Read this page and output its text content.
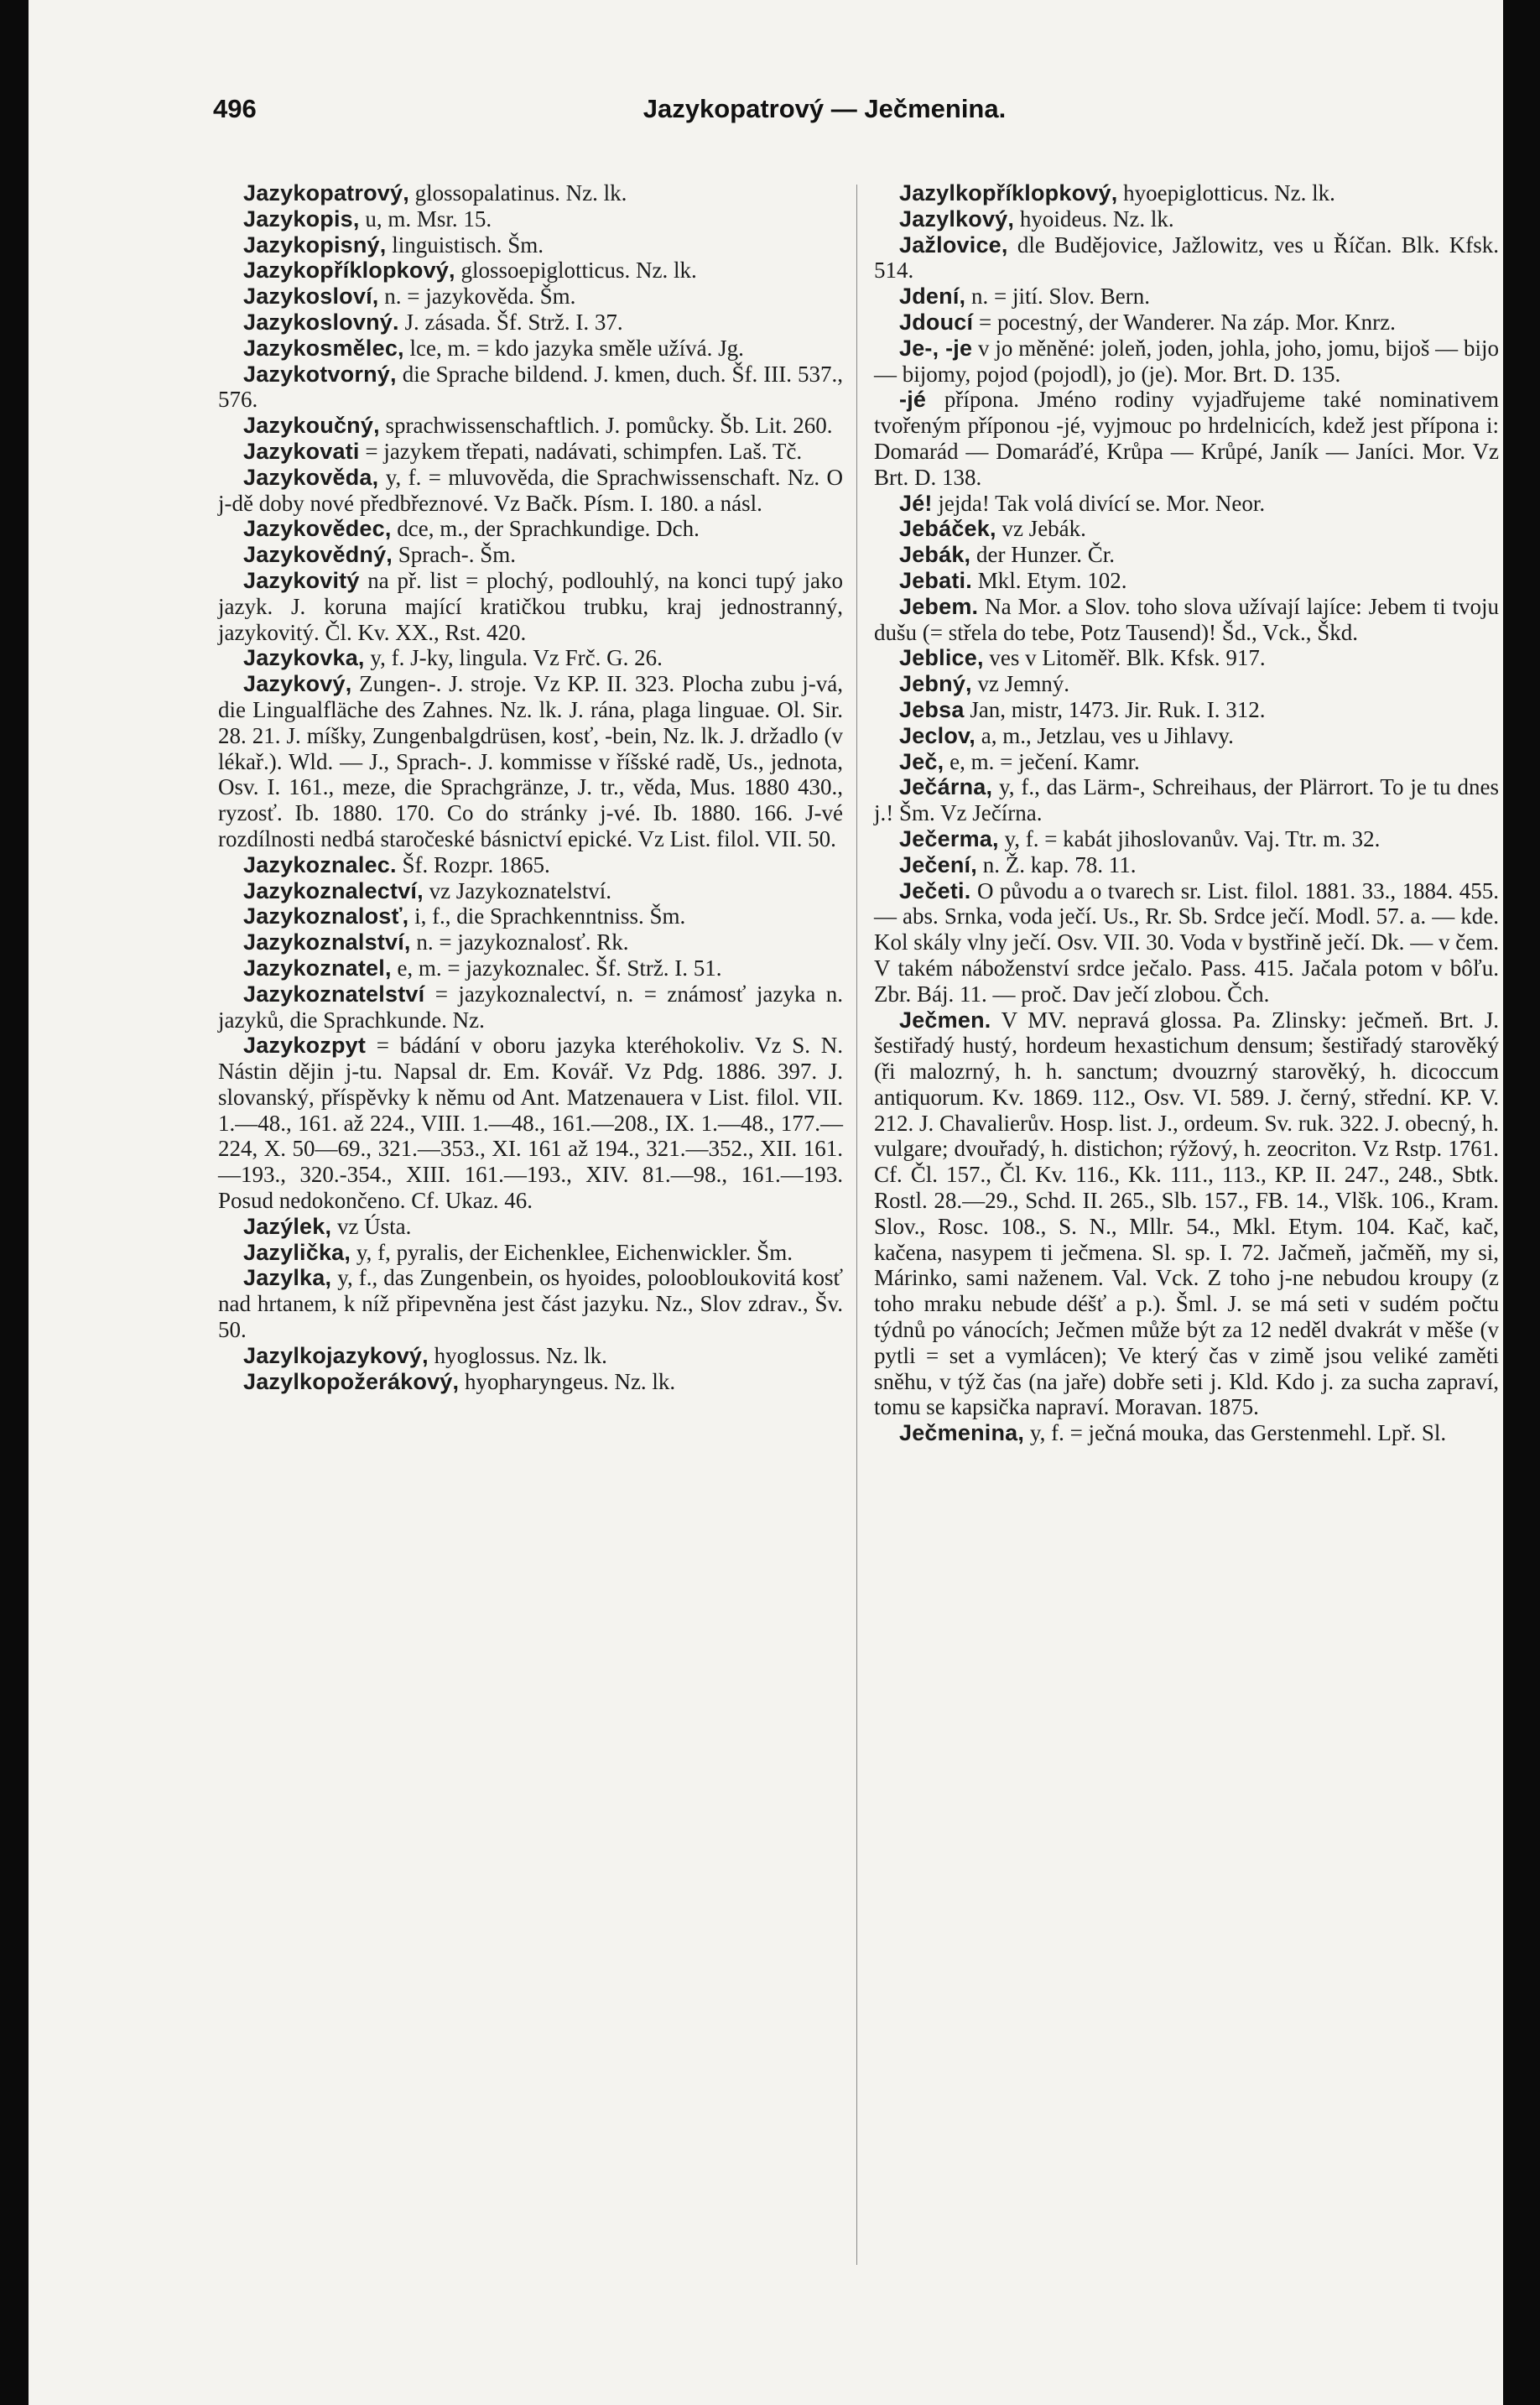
496	Jazykopatrový — Ječmenina.

Jazykopatrový, glossopalatinus. Nz. lk.

Jazykopis, u, m. Msr. 15.

Jazykopisný, linguistisch. Šm.

Jazykopříklopkový, glossoepiglotticus. Nz. lk.

Jazykosloví, n. = jazykověda. Šm.

Jazykoslovný. J. zásada. Šf. Strž. I. 37.

Jazykosmělec, lce, m. = kdo jazyka směle užívá. Jg.

Jazykotvorný, die Sprache bildend. J. kmen, duch. Šf. III. 537., 576.

Jazykoučný, sprachwissenschaftlich. J. pomůcky. Šb. Lit. 260.

Jazykovati = jazykem třepati, nadávati, schimpfen. Laš. Tč.

Jazykověda, y, f. = mluvověda, die Sprachwissenschaft. Nz. O j-dě doby nové předbřeznové. Vz Bačk. Písm. I. 180. a násl.

Jazykovědec, dce, m., der Sprachkundige. Dch.

Jazykovědný, Sprach-. Šm.

Jazykovitý na př. list = plochý, podlouhlý, na konci tupý jako jazyk. J. koruna mající kratičkou trubku, kraj jednostranný, jazykovitý. Čl. Kv. XX., Rst. 420.

Jazykovka, y, f. J-ky, lingula. Vz Frč. G. 26.

Jazykový, Zungen-. J. stroje. Vz KP. II. 323. Plocha zubu j-vá, die Lingualfläche des Zahnes. Nz. lk. J. rána, plaga linguae. Ol. Sir. 28. 21. J. míšky, Zungenbalgdrüsen, kosť, -bein, Nz. lk. J. držadlo (v lékař.). Wld. — J., Sprach-. J. kommisse v říšské radě, Us., jednota, Osv. I. 161., meze, die Sprachgränze, J. tr., věda, Mus. 1880 430., ryzosť. Ib. 1880. 170. Co do stránky j-vé. Ib. 1880. 166. J-vé rozdílnosti nedbá staročeské básnictví epické. Vz List. filol. VII. 50.

Jazykoznalec. Šf. Rozpr. 1865.

Jazykoznalectví, vz Jazykoznatelství.

Jazykoznalosť, i, f., die Sprachkenntniss. Šm.

Jazykoznalství, n. = jazykoznalosť. Rk.

Jazykoznatel, e, m. = jazykoznalec. Šf. Strž. I. 51.

Jazykoznatelství = jazykoznalectví, n. = známosť jazyka n. jazyků, die Sprachkunde. Nz.

Jazykozpyt = bádání v oboru jazyka kteréhokoliv. Vz S. N. Nástin dějin j-tu. Napsal dr. Em. Kovář. Vz Pdg. 1886. 397. J. slovanský, příspěvky k němu od Ant. Matzenauera v List. filol. VII. 1.—48., 161. až 224., VIII. 1.—48., 161.—208., IX. 1.—48., 177.—224, X. 50—69., 321.—353., XI. 161 až 194., 321.—352., XII. 161.—193., 320.-354., XIII. 161.—193., XIV. 81.—98., 161.—193. Posud nedokončeno. Cf. Ukaz. 46.

Jazýlek, vz Ústa.

Jazylička, y, f, pyralis, der Eichenklee, Eichenwickler. Šm.

Jazylka, y, f., das Zungenbein, os hyoides, poloobloukovitá kosť nad hrtanem, k níž připevněna jest část jazyku. Nz., Slov zdrav., Šv. 50.

Jazylkojazykový, hyoglossus. Nz. lk.

Jazylkopožerákový, hyopharyngeus. Nz. lk.

Jazylkopříklopkový, hyoepiglotticus. Nz. lk.

Jazylkový, hyoideus. Nz. lk.

Jažlovice, dle Budějovice, Jažlowitz, ves u Říčan. Blk. Kfsk. 514.

Jdení, n. = jití. Slov. Bern.

Jdoucí = pocestný, der Wanderer. Na záp. Mor. Knrz.

Je-, -je v jo měněné: joleň, joden, johla, joho, jomu, bijoš — bijo — bijomy, pojod (pojodl), jo (je). Mor. Brt. D. 135.

-jé přípona. Jméno rodiny vyjadřujeme také nominativem tvořeným příponou -jé, vyjmouc po hrdelnicích, kdež jest přípona i: Domarád — Domaráďé, Krůpa — Krůpé, Janík — Janíci. Mor. Vz Brt. D. 138.

Jé! jejda! Tak volá divící se. Mor. Neor.

Jebáček, vz Jebák.

Jebák, der Hunzer. Čr.

Jebati. Mkl. Etym. 102.

Jebem. Na Mor. a Slov. toho slova užívají lajíce: Jebem ti tvoju dušu (= střela do tebe, Potz Tausend)! Šd., Vck., Škd.

Jeblice, ves v Litoměř. Blk. Kfsk. 917.

Jebný, vz Jemný.

Jebsa Jan, mistr, 1473. Jir. Ruk. I. 312.

Jeclov, a, m., Jetzlau, ves u Jihlavy.

Ječ, e, m. = ječení. Kamr.

Ječárna, y, f., das Lärm-, Schreihaus, der Plärrort. To je tu dnes j.! Šm. Vz Ječírna.

Ječerma, y, f. = kabát jihoslovanův. Vaj. Ttr. m. 32.

Ječení, n. Ž. kap. 78. 11.

Ječeti. O původu a o tvarech sr. List. filol. 1881. 33., 1884. 455. — abs. Srnka, voda ječí. Us., Rr. Sb. Srdce ječí. Modl. 57. a. — kde. Kol skály vlny ječí. Osv. VII. 30. Voda v bystřině ječí. Dk. — v čem. V takém náboženství srdce ječalo. Pass. 415. Jačala potom v bôľu. Zbr. Báj. 11. — proč. Dav ječí zlobou. Čch.

Ječmen. V MV. nepravá glossa. Pa. Zlinsky: ječmeň. Brt. J. šestiřadý hustý, hordeum hexastichum densum; šestiřadý starověký (ři malozrný, h. h. sanctum; dvouzrný starověký, h. dicoccum antiquorum. Kv. 1869. 112., Osv. VI. 589. J. černý, střední. KP. V. 212. J. Chavalierův. Hosp. list. J., ordeum. Sv. ruk. 322. J. obecný, h. vulgare; dvouřadý, h. distichon; rýžový, h. zeocriton. Vz Rstp. 1761. Cf. Čl. 157., Čl. Kv. 116., Kk. 111., 113., KP. II. 247., 248., Sbtk. Rostl. 28.—29., Schd. II. 265., Slb. 157., FB. 14., Vlšk. 106., Kram. Slov., Rosc. 108., S. N., Mllr. 54., Mkl. Etym. 104. Kač, kač, kačena, nasypem ti ječmena. Sl. sp. I. 72. Jačmeň, jačměň, my si, Márinko, sami naženem. Val. Vck. Z toho j-ne nebudou kroupy (z toho mraku nebude déšť a p.). Šml. J. se má seti v sudém počtu týdnů po vánocích; Ječmen může být za 12 neděl dvakrát v měše (v pytli = set a vymlácen); Ve který čas v zimě jsou veliké zaměti sněhu, v týž čas (na jaře) dobře seti j. Kld. Kdo j. za sucha zapraví, tomu se kapsička napraví. Moravan. 1875.

Ječmenina, y, f. = ječná mouka, das Gerstenmehl. Lpř. Sl.
